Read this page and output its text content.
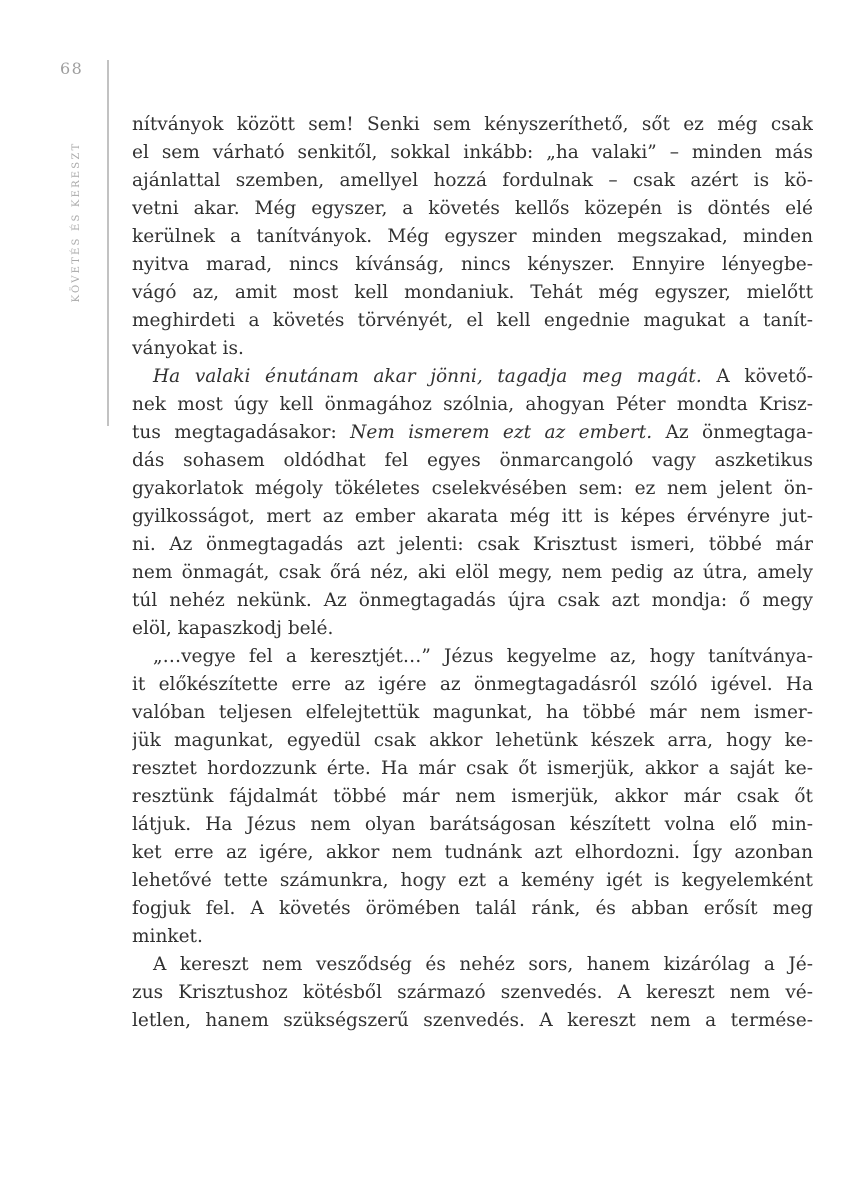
68
KÖVETÉS ÉS KERESZT
nítványok között sem! Senki sem kényszeríthető, sőt ez még csak
el sem várható senkitől, sokkal inkább: „ha valaki” – minden más
ajánlattal szemben, amellyel hozzá fordulnak – csak azért is kö-
vetni akar. Még egyszer, a követés kellős közepén is döntés elé
kerülnek a tanítványok. Még egyszer minden megszakad, minden
nyitva marad, nincs kívánság, nincs kényszer. Ennyire lényegbe-
vágó az, amit most kell mondaniuk. Tehát még egyszer, mielőtt
meghirdeti a követés törvényét, el kell engednie magukat a tanít-
ványokat is.
Ha valaki énutánam akar jönni, tagadja meg magát. A követő-
nek most úgy kell önmagához szólnia, ahogyan Péter mondta Krisz-
tus megtagadásakor: Nem ismerem ezt az embert. Az önmegtaga-
dás sohasem oldódhat fel egyes önmarcangoló vagy aszketikus
gyakorlatok mégoly tökéletes cselekvésében sem: ez nem jelent ön-
gyilkosságot, mert az ember akarata még itt is képes érvényre jut-
ni. Az önmegtagadás azt jelenti: csak Krisztust ismeri, többé már
nem önmagát, csak őrá néz, aki elöl megy, nem pedig az útra, amely
túl nehéz nekünk. Az önmegtagadás újra csak azt mondja: ő megy
elöl, kapaszkodj belé.
„…vegye fel a keresztjét…” Jézus kegyelme az, hogy tanítványa-
it előkészítette erre az igére az önmegtagadásról szóló igével. Ha
valóban teljesen elfelejtettük magunkat, ha többé már nem ismer-
jük magunkat, egyedül csak akkor lehetünk készek arra, hogy ke-
resztet hordozzunk érte. Ha már csak őt ismerjük, akkor a saját ke-
resztünk fájdalmát többé már nem ismerjük, akkor már csak őt
látjuk. Ha Jézus nem olyan barátságosan készített volna elő min-
ket erre az igére, akkor nem tudnánk azt elhordozni. Így azonban
lehetővé tette számunkra, hogy ezt a kemény igét is kegyelemként
fogjuk fel. A követés örömében talál ránk, és abban erősít meg
minket.
A kereszt nem vesződség és nehéz sors, hanem kizárólag a Jé-
zus Krisztushoz kötésből származó szenvedés. A kereszt nem vé-
letlen, hanem szükségszerű szenvedés. A kereszt nem a termésе-
